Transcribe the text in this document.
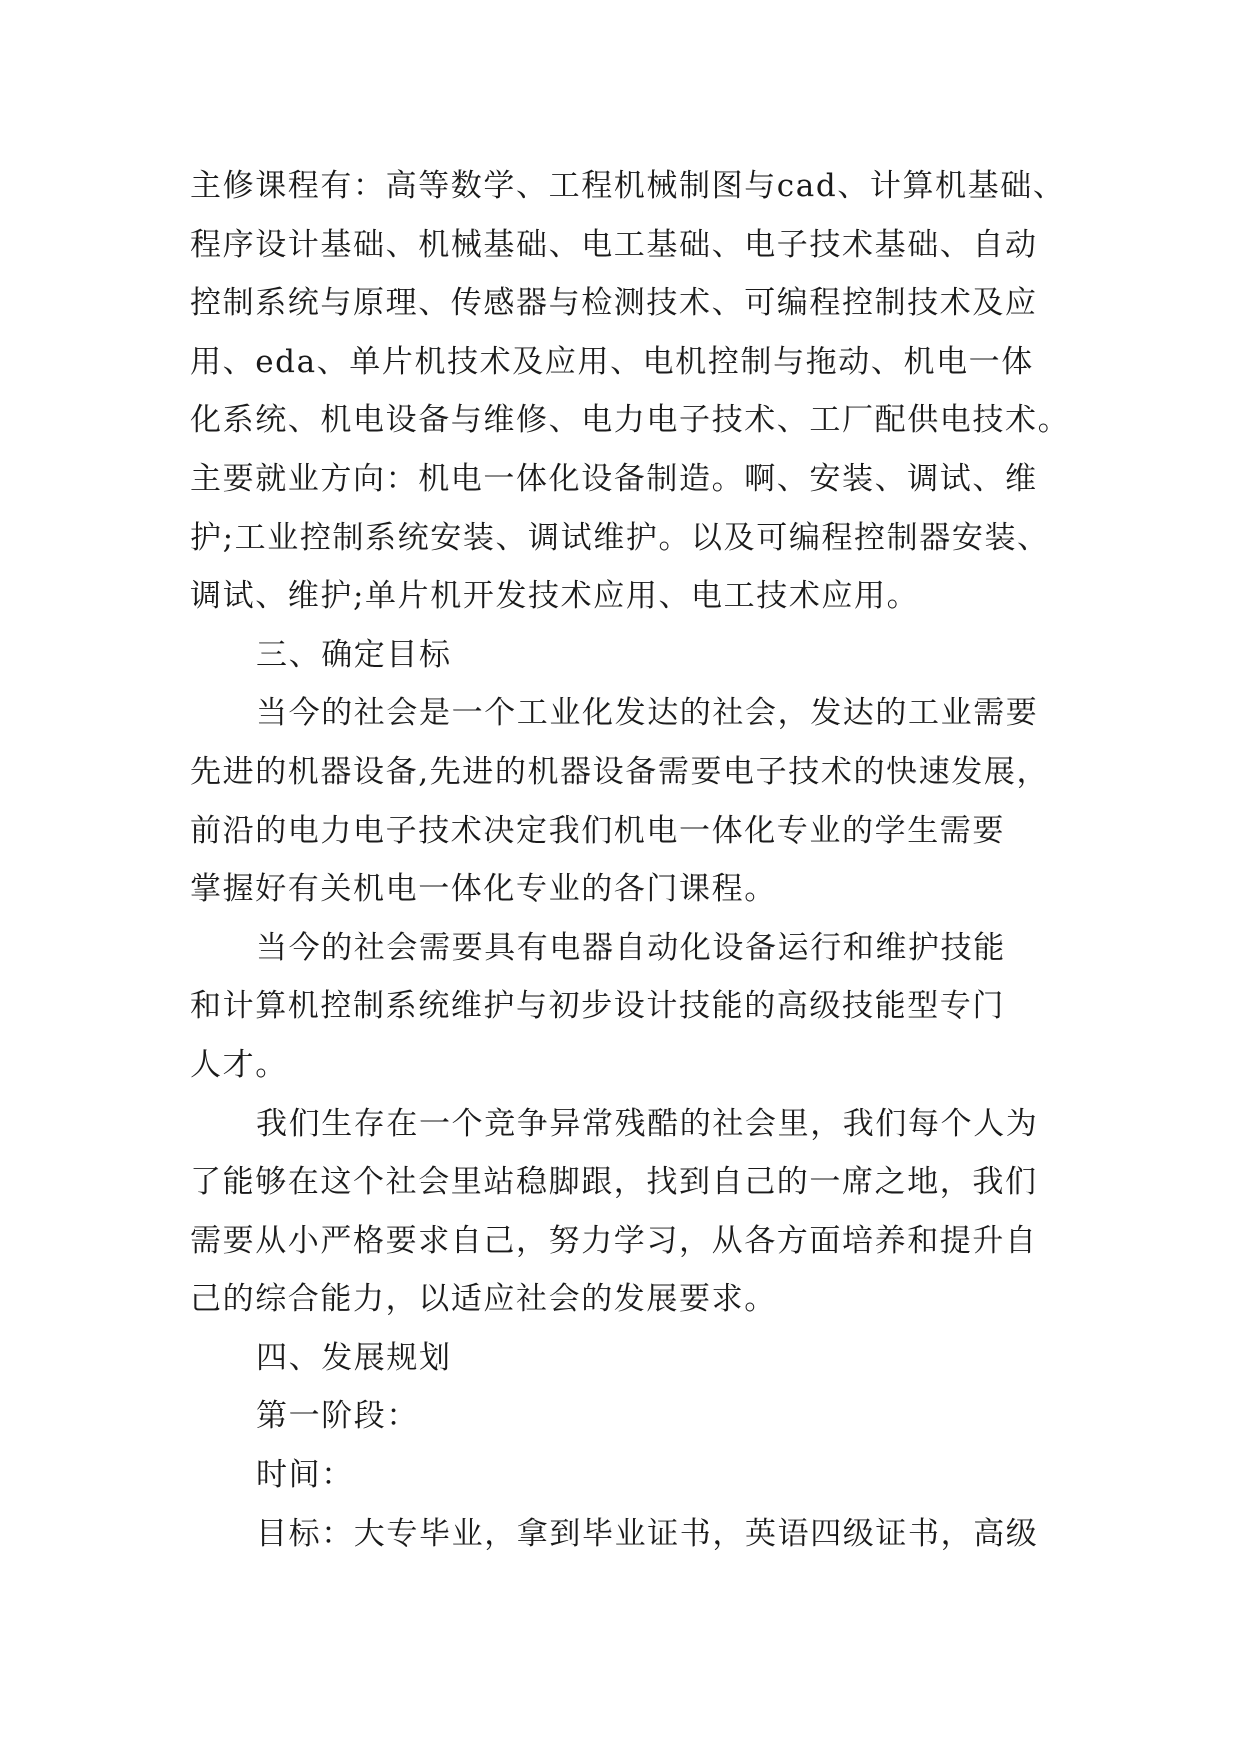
主修课程有：高等数学、工程机械制图与cad、计算机基础、
程序设计基础、机械基础、电工基础、电子技术基础、自动
控制系统与原理、传感器与检测技术、可编程控制技术及应
用、eda、单片机技术及应用、电机控制与拖动、机电一体
化系统、机电设备与维修、电力电子技术、工厂配供电技术。
主要就业方向：机电一体化设备制造。啊、安装、调试、维
护;工业控制系统安装、调试维护。以及可编程控制器安装、
调试、维护;单片机开发技术应用、电工技术应用。
三、确定目标
当今的社会是一个工业化发达的社会，发达的工业需要
先进的机器设备,先进的机器设备需要电子技术的快速发展，
前沿的电力电子技术决定我们机电一体化专业的学生需要
掌握好有关机电一体化专业的各门课程。
当今的社会需要具有电器自动化设备运行和维护技能
和计算机控制系统维护与初步设计技能的高级技能型专门
人才。
我们生存在一个竞争异常残酷的社会里，我们每个人为
了能够在这个社会里站稳脚跟，找到自己的一席之地，我们
需要从小严格要求自己，努力学习，从各方面培养和提升自
己的综合能力，以适应社会的发展要求。
四、发展规划
第一阶段：
时间：
目标：大专毕业，拿到毕业证书，英语四级证书，高级
